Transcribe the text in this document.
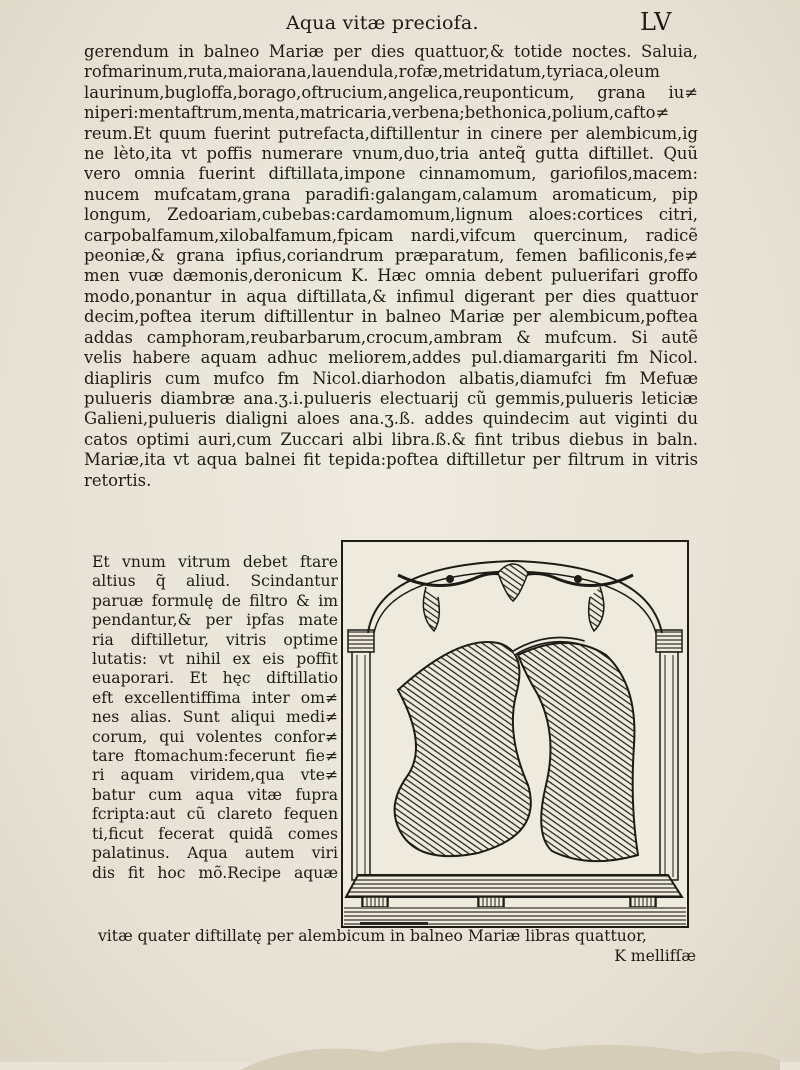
Aqua vitæ preciofa.	LV
gerendum in balneo Mariæ per dies quattuor,& totide noctes. Saluia,
rofmarinum,ruta,maiorana,lauendula,rofæ,metridatum,tyriaca,oleum
laurinum,bugloffa,borago,oftrucium,angelica,reuponticum, grana iu≠
niperi:mentaftrum,menta,matricaria,verbena;bethonica,polium,cafto≠
reum.Et quum fuerint putrefacta,diftillentur in cinere per alembicum,ig
ne lèto,ita vt poffis numerare vnum,duo,tria anteq̃ gutta diftillet. Quũ
vero omnia fuerint diftillata,impone cinnamomum, gariofilos,macem:
nucem mufcatam,grana paradifi:galangam,calamum aromaticum, pip
longum, Zedoariam,cubebas:cardamomum,lignum aloes:cortices citri,
carpobalfamum,xilobalfamum,fpicam nardi,vifcum quercinum, radicẽ
peoniæ,& grana ipfius,coriandrum præparatum, femen bafiliconis,fe≠
men vuæ dæmonis,deronicum K. Hæc omnia debent puluerifari groffo
modo,ponantur in aqua diftillata,& infimul digerant per dies quattuor
decim,poftea iterum diftillentur in balneo Mariæ per alembicum,poftea
addas camphoram,reubarbarum,crocum,ambram & mufcum. Si autẽ
velis habere aquam adhuc meliorem,addes pul.diamargariti fm Nicol.
diapliris cum mufco fm Nicol.diarhodon albatis,diamufci fm Mefuæ
pulueris diambræ ana.ʒ.i.pulueris electuarij cũ gemmis,pulueris leticiæ
Galieni,pulueris dialigni aloes ana.ʒ.ß. addes quindecim aut viginti du
catos optimi auri,cum Zuccari albi libra.ß.& fint tribus diebus in baln.
Mariæ,ita vt aqua balnei fit tepida:poftea diftilletur per filtrum in vitris
retortis.
Et vnum vitrum debet ftare
altius q̃ aliud. Scindantur
paruæ formulę de filtro & im
pendantur,& per ipfas mate
ria diftilletur, vitris optime
lutatis: vt nihil ex eis poffit
euaporari. Et hęc diftillatio
eft excellentiffima inter om≠
nes alias. Sunt aliqui medi≠
corum, qui volentes confor≠
tare ftomachum:fecerunt fie≠
ri aquam viridem,qua vte≠
batur cum aqua vitæ fupra
fcripta:aut cũ clareto fequen
ti,ficut fecerat quidã comes
palatinus. Aqua autem viri
dis fit hoc mõ.Recipe aquæ
vitæ quater diftillatę per alembicum in balneo Mariæ libras quattuor,
K mellifſæ
